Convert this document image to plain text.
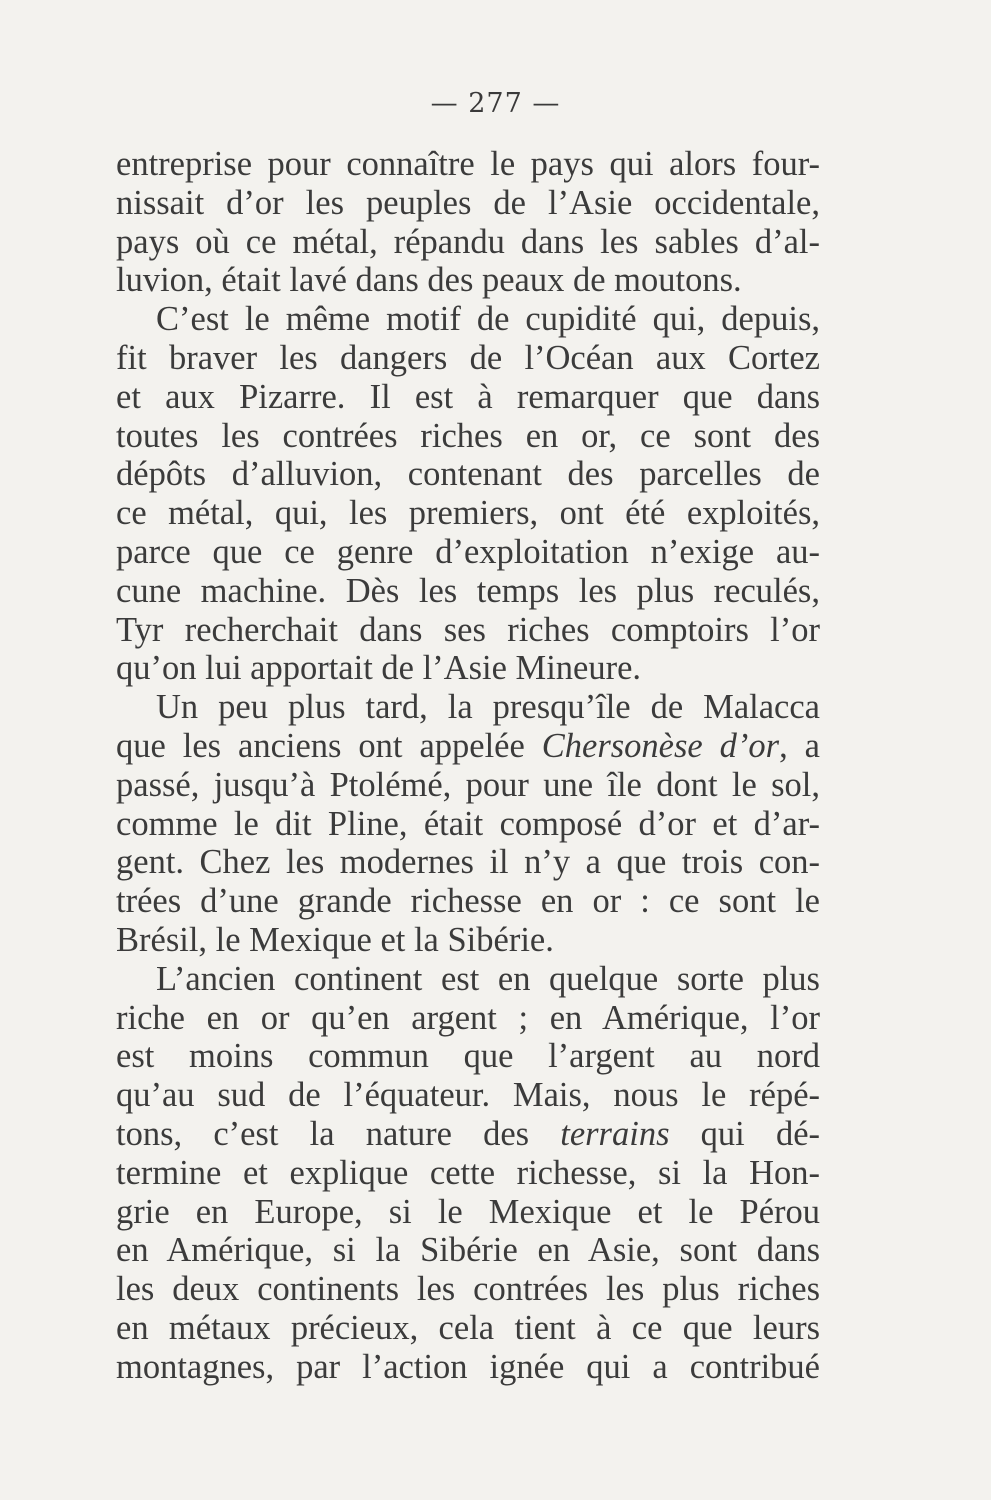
— 277 —
entreprise pour connaître le pays qui alors four-
nissait d’or les peuples de l’Asie occidentale,
pays où ce métal, répandu dans les sables d’al-
luvion, était lavé dans des peaux de moutons.
C’est le même motif de cupidité qui, depuis,
fit braver les dangers de l’Océan aux Cortez
et aux Pizarre. Il est à remarquer que dans
toutes les contrées riches en or, ce sont des
dépôts d’alluvion, contenant des parcelles de
ce métal, qui, les premiers, ont été exploités,
parce que ce genre d’exploitation n’exige au-
cune machine. Dès les temps les plus reculés,
Tyr recherchait dans ses riches comptoirs l’or
qu’on lui apportait de l’Asie Mineure.
Un peu plus tard, la presqu’île de Malacca
que les anciens ont appelée Chersonèse d’or, a
passé, jusqu’à Ptolémé, pour une île dont le sol,
comme le dit Pline, était composé d’or et d’ar-
gent. Chez les modernes il n’y a que trois con-
trées d’une grande richesse en or : ce sont le
Brésil, le Mexique et la Sibérie.
L’ancien continent est en quelque sorte plus
riche en or qu’en argent ; en Amérique, l’or
est moins commun que l’argent au nord
qu’au sud de l’équateur. Mais, nous le répé-
tons, c’est la nature des terrains qui dé-
termine et explique cette richesse, si la Hon-
grie en Europe, si le Mexique et le Pérou
en Amérique, si la Sibérie en Asie, sont dans
les deux continents les contrées les plus riches
en métaux précieux, cela tient à ce que leurs
montagnes, par l’action ignée qui a contribué
